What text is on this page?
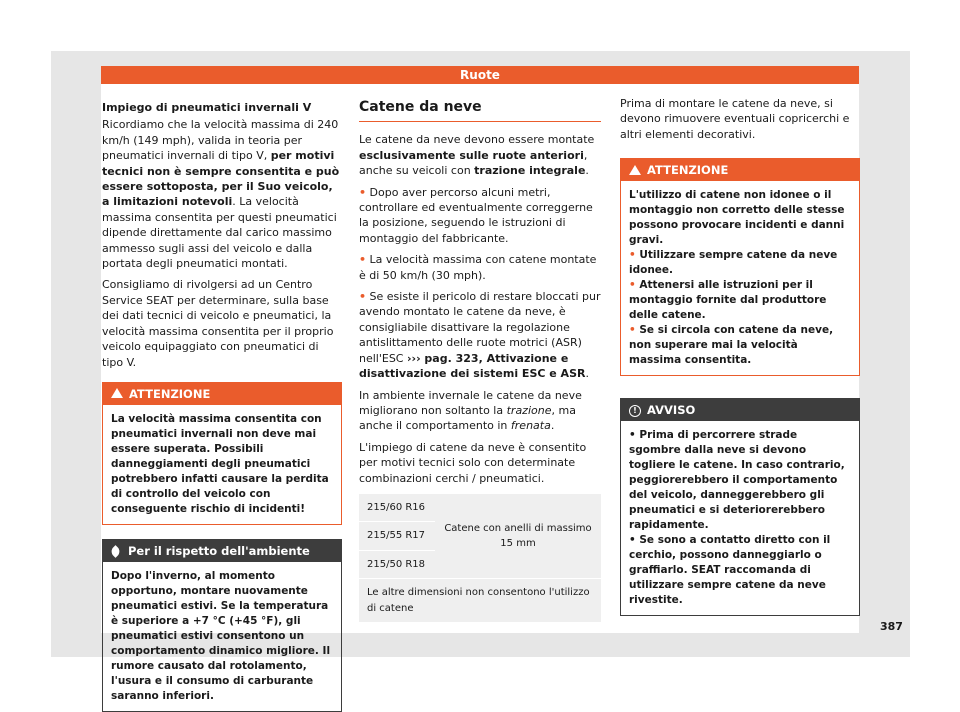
Ruote

Impiego di pneumatici invernali V

Ricordiamo che la velocità massima di 240 km/h (149 mph), valida in teoria per pneumatici invernali di tipo V, per motivi tecnici non è sempre consentita e può essere sottoposta, per il Suo veicolo, a limitazioni notevoli. La velocità massima consentita per questi pneumatici dipende direttamente dal carico massimo ammesso sugli assi del veicolo e dalla portata degli pneumatici montati.

Consigliamo di rivolgersi ad un Centro Service SEAT per determinare, sulla base dei dati tecnici di veicolo e pneumatici, la velocità massima consentita per il proprio veicolo equipaggiato con pneumatici di tipo V.

ATTENZIONE
La velocità massima consentita con pneumatici invernali non deve mai essere superata. Possibili danneggiamenti degli pneumatici potrebbero infatti causare la perdita di controllo del veicolo con conseguente rischio di incidenti!
Per il rispetto dell'ambiente
Dopo l'inverno, al momento opportuno, montare nuovamente pneumatici estivi. Se la temperatura è superiore a +7 °C (+45 °F), gli pneumatici estivi consentono un comportamento dinamico migliore. Il rumore causato dal rotolamento, l'usura e il consumo di carburante saranno inferiori.
Catene da neve

Le catene da neve devono essere montate esclusivamente sulle ruote anteriori, anche su veicoli con trazione integrale.

• Dopo aver percorso alcuni metri, controllare ed eventualmente correggerne la posizione, seguendo le istruzioni di montaggio del fabbricante.

• La velocità massima con catene montate è di 50 km/h (30 mph).

• Se esiste il pericolo di restare bloccati pur avendo montato le catene da neve, è consigliabile disattivare la regolazione antislittamento delle ruote motrici (ASR) nell'ESC ››› pag. 323, Attivazione e disattivazione dei sistemi ESC e ASR.

In ambiente invernale le catene da neve migliorano non soltanto la trazione, ma anche il comportamento in frenata.

L'impiego di catene da neve è consentito per motivi tecnici solo con determinate combinazioni cerchi / pneumatici.

215/60 R16	Catene con anelli di massimo 15 mm
215/55 R17
215/50 R18
Le altre dimensioni non consentono l'utilizzo di catene

Prima di montare le catene da neve, si devono rimuovere eventuali copricerchi e altri elementi decorativi.

ATTENZIONE
L'utilizzo di catene non idonee o il montaggio non corretto delle stesse possono provocare incidenti e danni gravi.
• Utilizzare sempre catene da neve idonee.
• Attenersi alle istruzioni per il montaggio fornite dal produttore delle catene.
• Se si circola con catene da neve, non superare mai la velocità massima consentita.
! AVVISO
• Prima di percorrere strade sgombre dalla neve si devono togliere le catene. In caso contrario, peggiorerebbero il comportamento del veicolo, danneggerebbero gli pneumatici e si deteriorerebbero rapidamente.
• Se sono a contatto diretto con il cerchio, possono danneggiarlo o graffiarlo. SEAT raccomanda di utilizzare sempre catene da neve rivestite.
387
